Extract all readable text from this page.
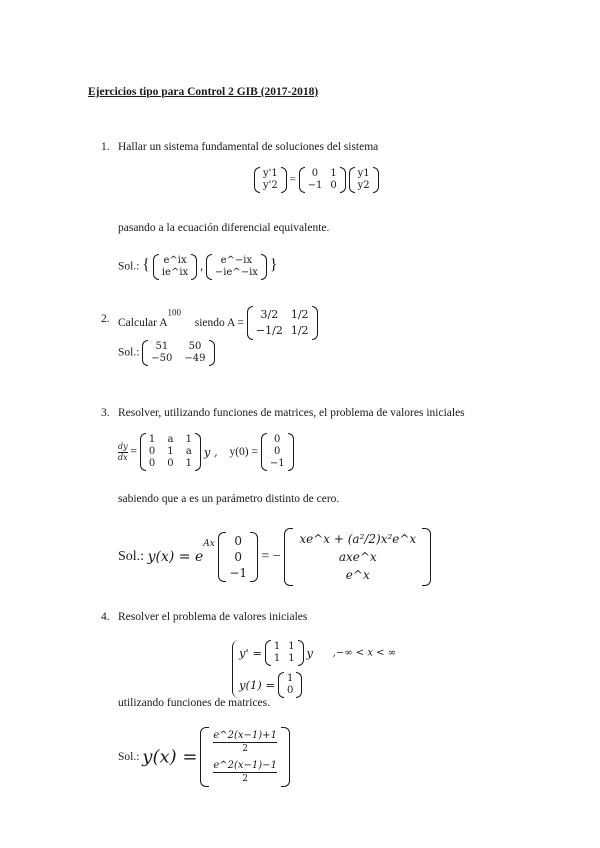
Ejercicios tipo para Control 2 GIB (2017-2018)
1. Hallar un sistema fundamental de soluciones del sistema
y'1
y'2 =
0	1
−1 0

y1
y2
pasando a la ecuación diferencial equivalente.
Sol.: { e^ix
ie^ix ,
e^−ix
−ie^−ix }
2. Calcular $A^{100}$  siendo A =
3/2	1/2
−1/2 1/2
Sol.:
51	50
−50 −49
3. Resolver, utilizando funciones de matrices, el problema de valores iniciales
$\frac{dy}{dx}$ =
1 a 1
0 1 a
0 0 1
y , y(0) =
0
0
−1
sabiendo que a es un parámetro distinto de cero.
Sol.: $y(x) = e^{Ax}$	0
0
−1
= −
xe^x + (a²/2)x²e^x
axe^x
e^x
4. Resolver el problema de valores iniciales
y' = 1 1
1 1 y ,−∞ < x < ∞
y(1) = 1
0
utilizando funciones de matrices.
Sol.: y(x) =
$\frac{e\^{}2(x-1)+1}{2}$
$\frac{e\^{}2(x-1)-1}{2}$
